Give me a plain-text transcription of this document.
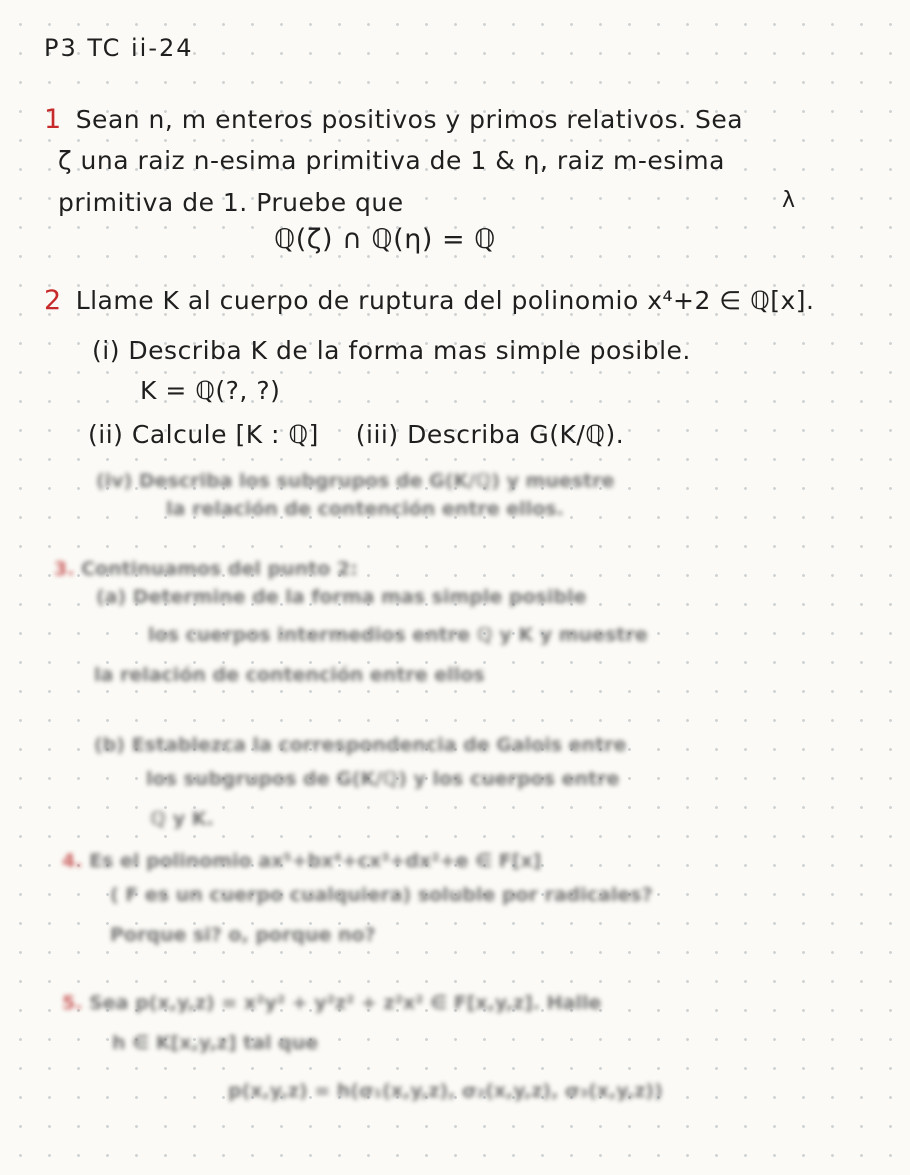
P3 TC ii-24
1 Sean n, m enteros positivos y primos relativos. Sea
ζ una raiz n-esima primitiva de 1 & η, raiz m-esima
primitiva de 1. Pruebe que	λ
ℚ(ζ) ∩ ℚ(η) = ℚ
2 Llame K al cuerpo de ruptura del polinomio x⁴+2 ∈ ℚ[x].
(i) Describa K de la forma mas simple posible.
K = ℚ(?, ?)
(ii) Calcule [K : ℚ] (iii) Describa G(K/ℚ).
(iv) Describa los subgrupos de G(K/ℚ) y muestre
la relación de contención entre ellos.
3. Continuamos del punto 2:
(a) Determine de la forma mas simple posible
los cuerpos intermedios entre ℚ y K y muestre
la relación de contención entre ellos
(b) Establezca la correspondencia de Galois entre
los subgrupos de G(K/ℚ) y los cuerpos entre
ℚ y K.
4. Es el polinomio ax⁵+bx⁴+cx³+dx²+e ∈ F[x]
( F es un cuerpo cualquiera) soluble por radicales?
Porque si? o, porque no?
5. Sea p(x,y,z) = x²y² + y²z² + z²x² ∈ F[x,y,z]. Halle
h ∈ K[x,y,z] tal que
p(x,y,z) = h(σ₁(x,y,z), σ₂(x,y,z), σ₃(x,y,z))
